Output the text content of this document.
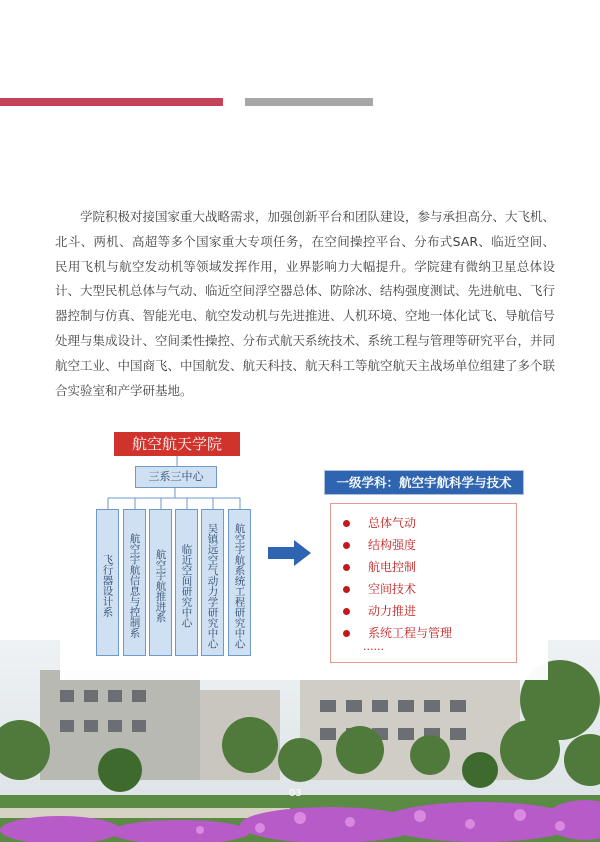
学院积极对接国家重大战略需求，加强创新平台和团队建设，参与承担高分、大飞机、北斗、两机、高超等多个国家重大专项任务，在空间操控平台、分布式SAR、临近空间、民用飞机与航空发动机等领域发挥作用，业界影响力大幅提升。学院建有微纳卫星总体设计、大型民机总体与气动、临近空间浮空器总体、防除冰、结构强度测试、先进航电、飞行器控制与仿真、智能光电、航空发动机与先进推进、人机环境、空地一体化试飞、导航信号处理与集成设计、空间柔性操控、分布式航天系统技术、系统工程与管理等研究平台，并同航空工业、中国商飞、中国航发、航天科技、航天科工等航空航天主战场单位组建了多个联合实验室和产学研基地。

航空航天学院
三系三中心
飞行器设计系	航空宇航信息与控制系	航空宇航推进系	临近空间研究中心	吴镇远空气动力学研究中心	航空宇航系统工程研究中心
一级学科：航空宇航科学与技术
总体气动
结构强度
航电控制
空间技术
动力推进
系统工程与管理
......
03
